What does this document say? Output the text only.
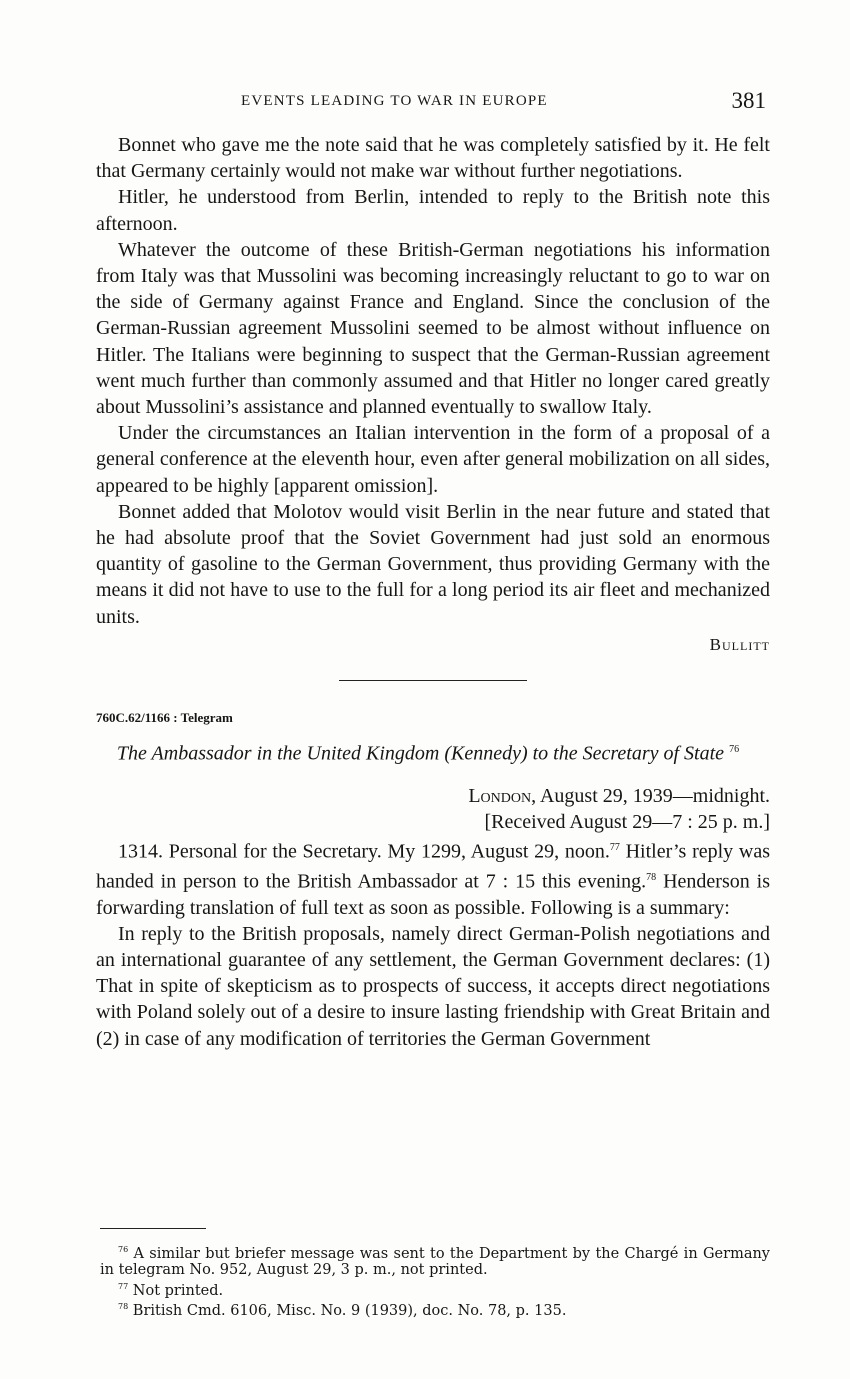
EVENTS LEADING TO WAR IN EUROPE	381

Bonnet who gave me the note said that he was completely satisfied by it. He felt that Germany certainly would not make war without further negotiations.

Hitler, he understood from Berlin, intended to reply to the British note this afternoon.

Whatever the outcome of these British-German negotiations his information from Italy was that Mussolini was becoming increasingly reluctant to go to war on the side of Germany against France and England. Since the conclusion of the German-Russian agreement Mussolini seemed to be almost without influence on Hitler. The Italians were beginning to suspect that the German-Russian agreement went much further than commonly assumed and that Hitler no longer cared greatly about Mussolini’s assistance and planned eventually to swallow Italy.

Under the circumstances an Italian intervention in the form of a proposal of a general conference at the eleventh hour, even after general mobilization on all sides, appeared to be highly [apparent omission].

Bonnet added that Molotov would visit Berlin in the near future and stated that he had absolute proof that the Soviet Government had just sold an enormous quantity of gasoline to the German Government, thus providing Germany with the means it did not have to use to the full for a long period its air fleet and mechanized units.

Bullitt

760C.62/1166 : Telegram
The Ambassador in the United Kingdom (Kennedy) to the Secretary of State $^{76}$
London, August 29, 1939—midnight.
[Received August 29—7 : 25 p. m.]

1314. Personal for the Secretary. My 1299, August 29, noon.$^{77}$ Hitler’s reply was handed in person to the British Ambassador at 7 : 15 this evening.$^{78}$ Henderson is forwarding translation of full text as soon as possible. Following is a summary:

In reply to the British proposals, namely direct German-Polish negotiations and an international guarantee of any settlement, the German Government declares: (1) That in spite of skepticism as to prospects of success, it accepts direct negotiations with Poland solely out of a desire to insure lasting friendship with Great Britain and (2) in case of any modification of territories the German Government

$^{76}$ A similar but briefer message was sent to the Department by the Chargé in Germany in telegram No. 952, August 29, 3 p. m., not printed.

$^{77}$ Not printed.

$^{78}$ British Cmd. 6106, Misc. No. 9 (1939), doc. No. 78, p. 135.
